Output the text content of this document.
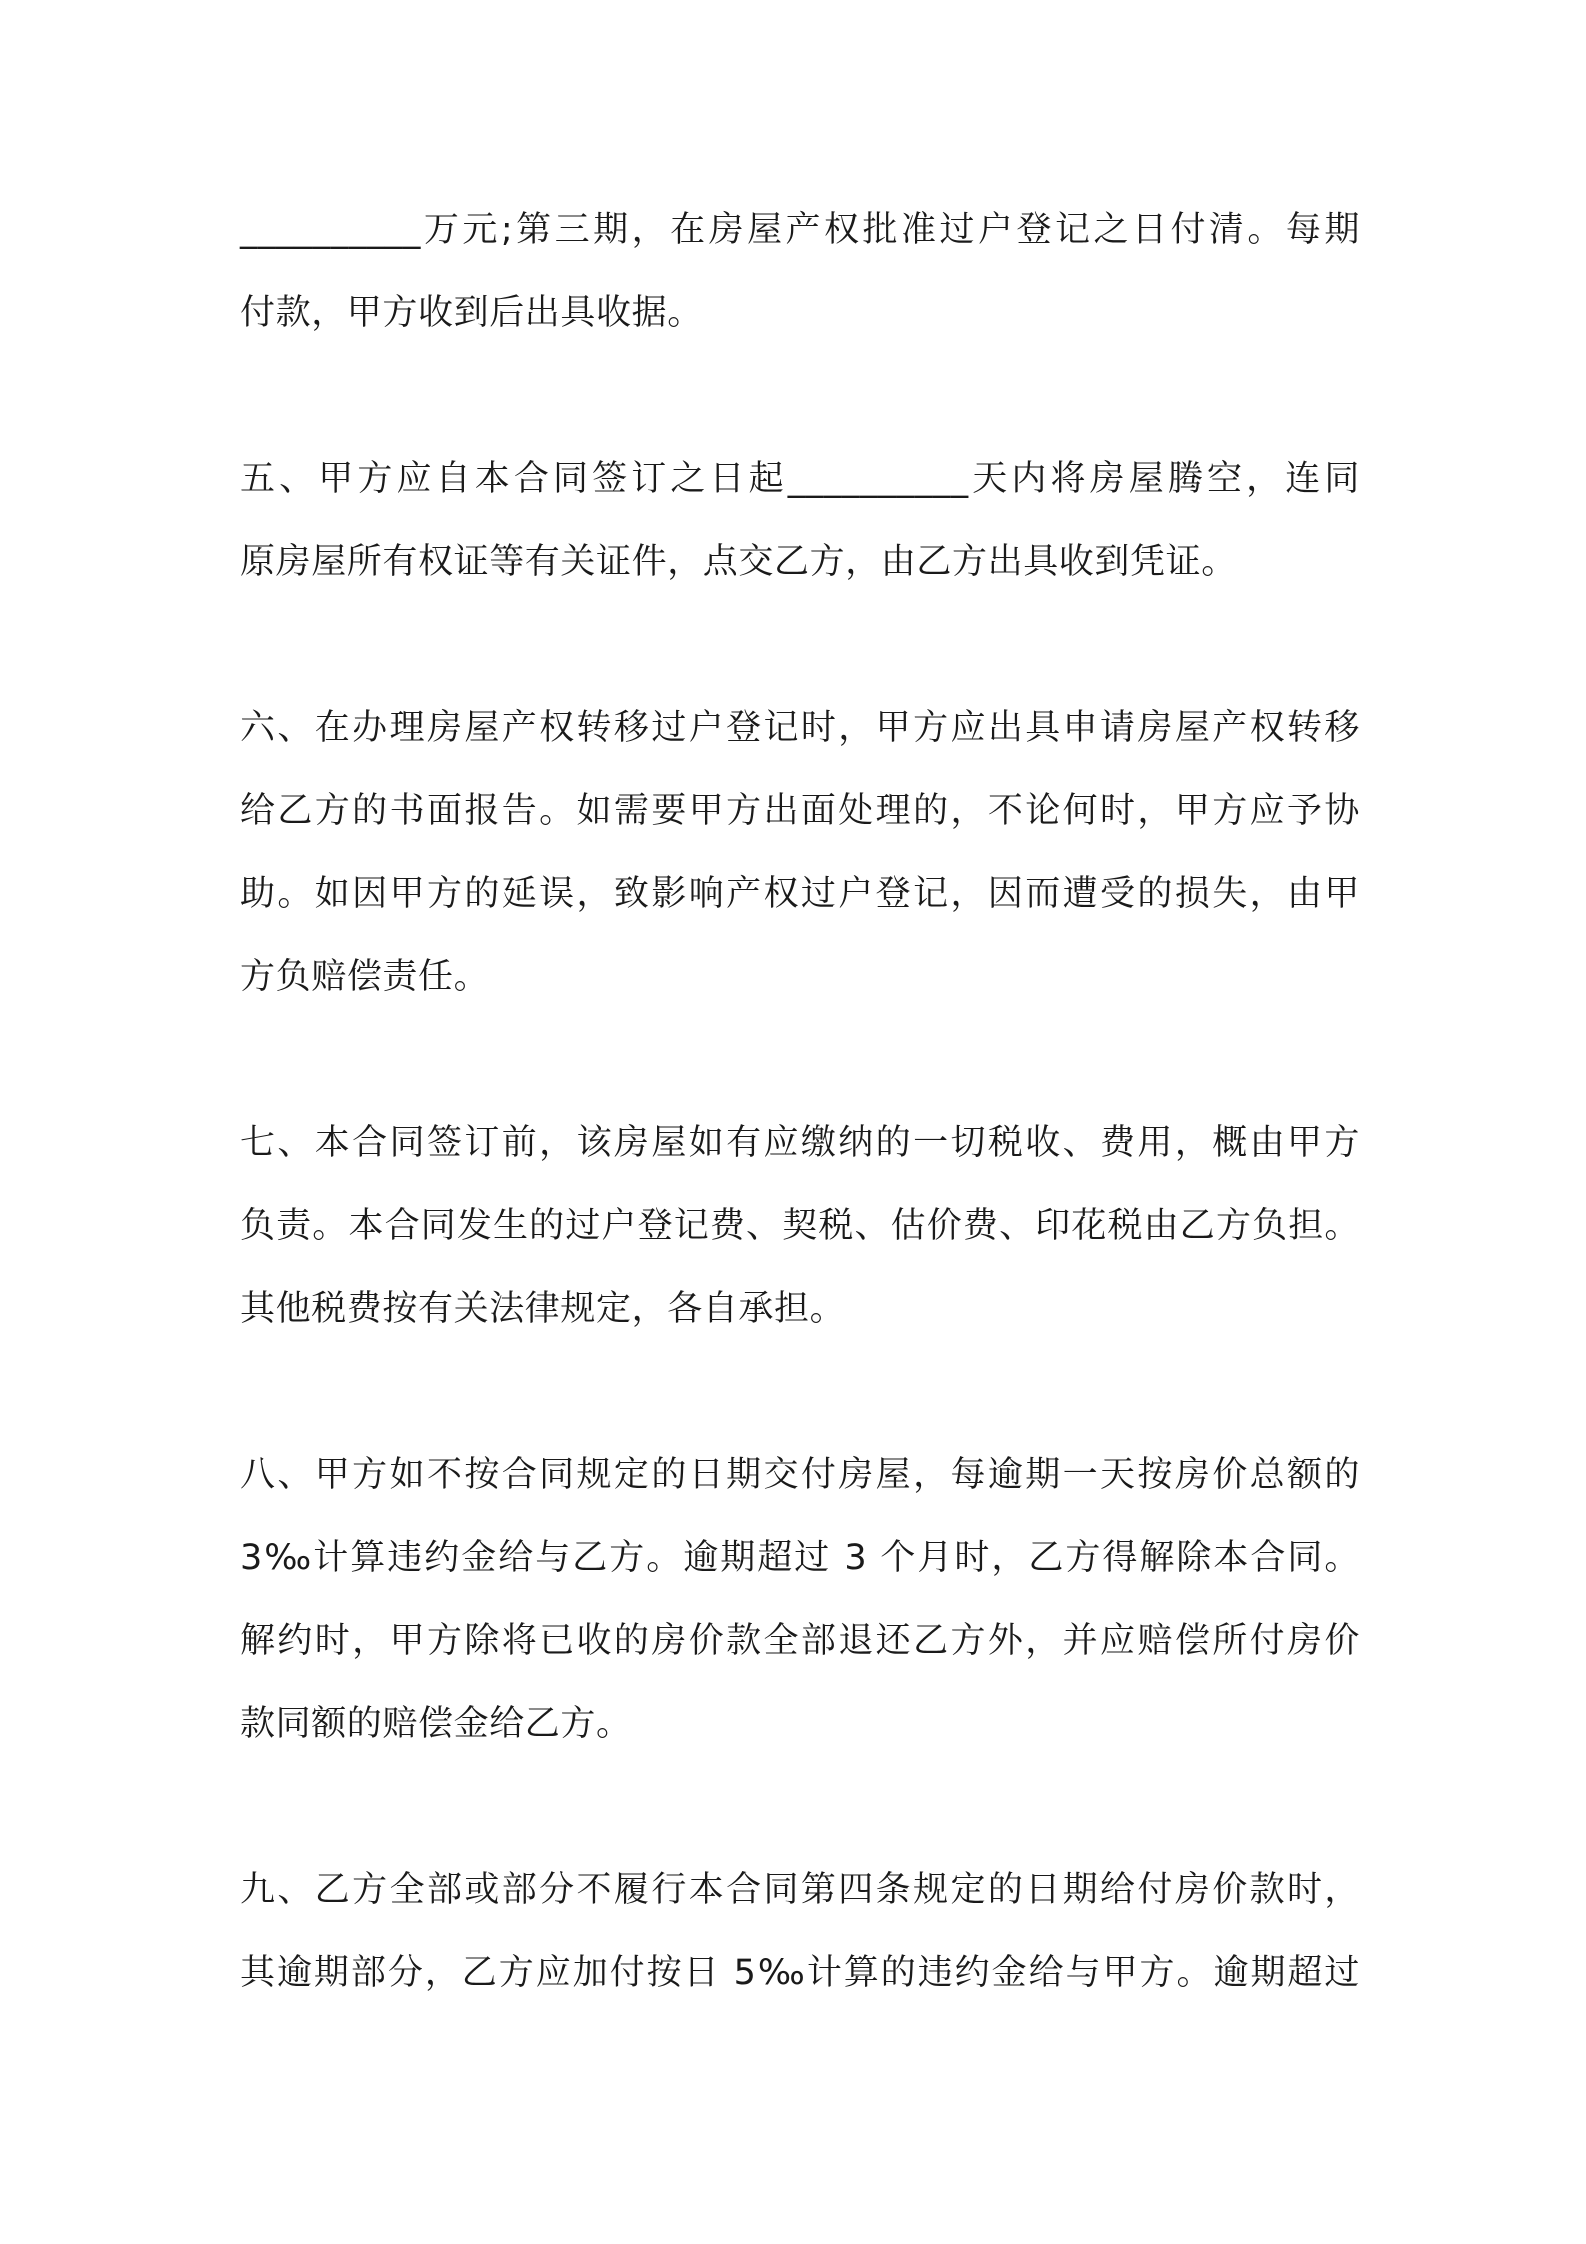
__________万元;第三期，在房屋产权批准过户登记之日付清。每期

付款，甲方收到后出具收据。

五、甲方应自本合同签订之日起__________天内将房屋腾空，连同

原房屋所有权证等有关证件，点交乙方，由乙方出具收到凭证。

六、在办理房屋产权转移过户登记时，甲方应出具申请房屋产权转移

给乙方的书面报告。如需要甲方出面处理的，不论何时，甲方应予协

助。如因甲方的延误，致影响产权过户登记，因而遭受的损失，由甲

方负赔偿责任。

七、本合同签订前，该房屋如有应缴纳的一切税收、费用，概由甲方

负责。本合同发生的过户登记费、契税、估价费、印花税由乙方负担。

其他税费按有关法律规定，各自承担。

八、甲方如不按合同规定的日期交付房屋，每逾期一天按房价总额的

3‰计算违约金给与乙方。逾期超过 3 个月时，乙方得解除本合同。

解约时，甲方除将已收的房价款全部退还乙方外，并应赔偿所付房价

款同额的赔偿金给乙方。

九、乙方全部或部分不履行本合同第四条规定的日期给付房价款时，

其逾期部分，乙方应加付按日 5‰计算的违约金给与甲方。逾期超过
